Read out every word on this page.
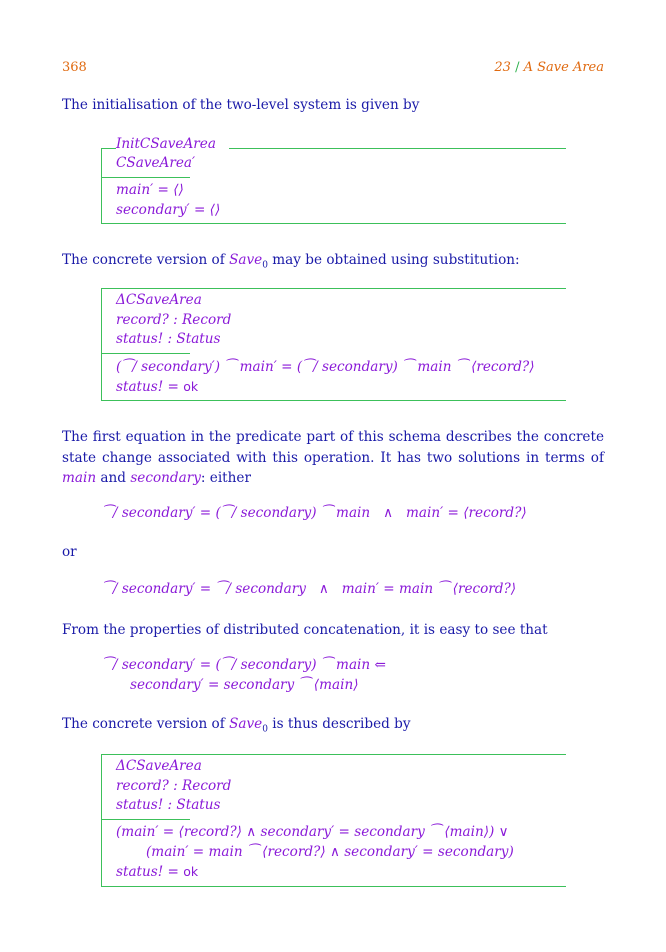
368	23 / A Save Area
The initialisation of the two-level system is given by
InitCSaveArea
CSaveArea′
main′ = ⟨⟩
secondary′ = ⟨⟩
The concrete version of Save$_0$ may be obtained using substitution:
ΔCSaveArea
record? : Record
status! : Status
(⁀/ secondary′) ⁀ main′ = (⁀/ secondary) ⁀ main ⁀ ⟨record?⟩
status! = ok
The first equation in the predicate part of this schema describes the concrete state change associated with this operation. It has two solutions in terms of main and secondary: either
⁀/ secondary′ = (⁀/ secondary) ⁀ main   ∧   main′ = ⟨record?⟩
or
⁀/ secondary′ = ⁀/ secondary   ∧   main′ = main ⁀ ⟨record?⟩
From the properties of distributed concatenation, it is easy to see that
⁀/ secondary′ = (⁀/ secondary) ⁀ main ⇐
secondary′ = secondary ⁀ ⟨main⟩
The concrete version of Save$_0$ is thus described by
ΔCSaveArea
record? : Record
status! : Status
(main′ = ⟨record?⟩ ∧ secondary′ = secondary ⁀ ⟨main⟩) ∨
(main′ = main ⁀ ⟨record?⟩ ∧ secondary′ = secondary)
status! = ok
